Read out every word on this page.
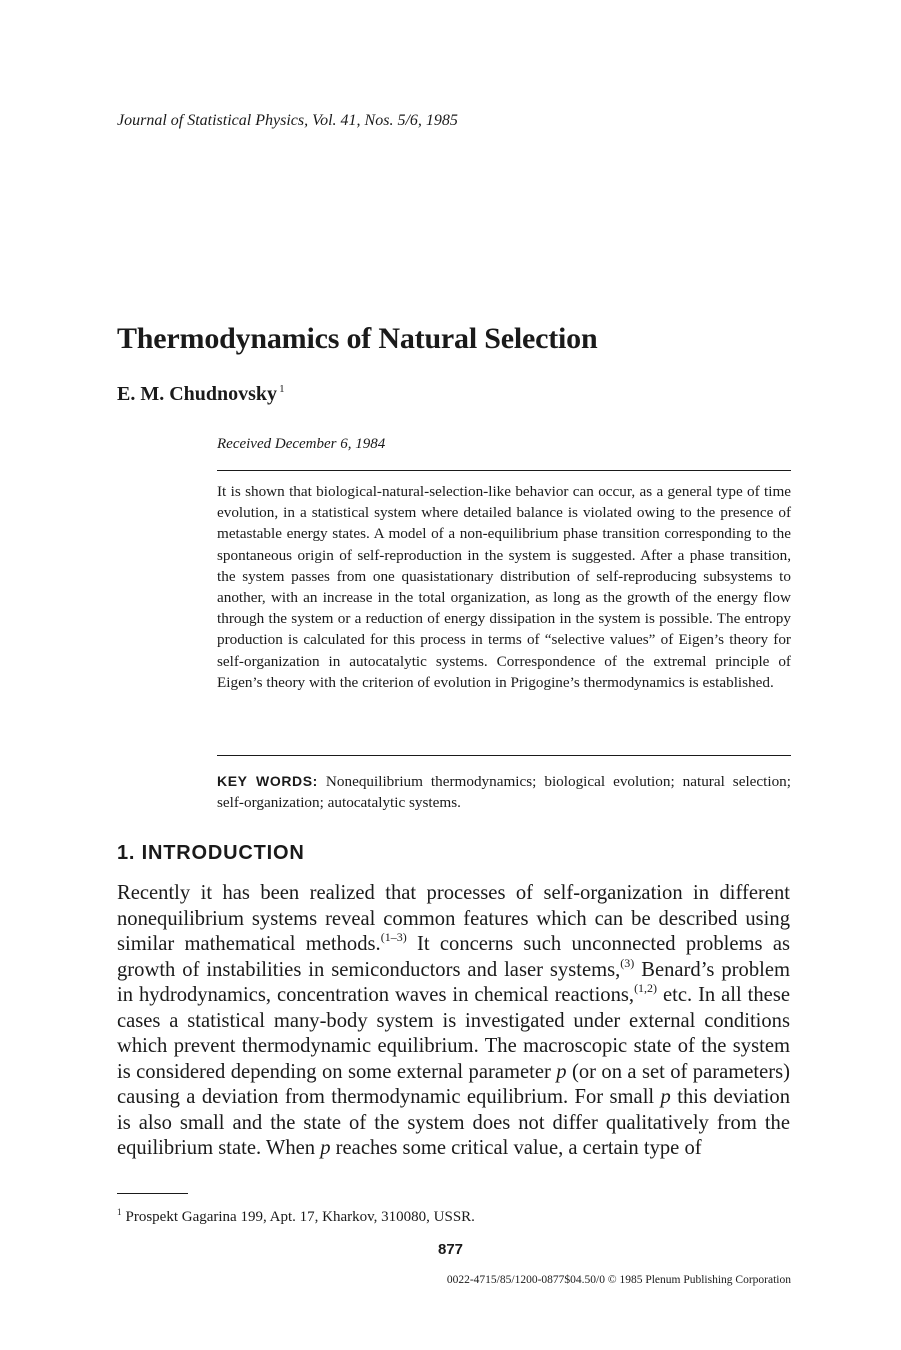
Journal of Statistical Physics, Vol. 41, Nos. 5/6, 1985
Thermodynamics of Natural Selection
E. M. Chudnovsky $^1$
Received December 6, 1984
It is shown that biological-natural-selection-like behavior can occur, as a general type of time evolution, in a statistical system where detailed balance is violated owing to the presence of metastable energy states. A model of a non-equilibrium phase transition corresponding to the spontaneous origin of self-reproduction in the system is suggested. After a phase transition, the system passes from one quasistationary distribution of self-reproducing subsystems to another, with an increase in the total organization, as long as the growth of the energy flow through the system or a reduction of energy dissipation in the system is possible. The entropy production is calculated for this process in terms of “selective values” of Eigen’s theory for self-organization in autocatalytic systems. Correspondence of the extremal principle of Eigen’s theory with the criterion of evolution in Prigogine’s thermodynamics is established.
KEY WORDS: Nonequilibrium thermodynamics; biological evolution; natural selection; self-organization; autocatalytic systems.
1. INTRODUCTION
Recently it has been realized that processes of self-organization in different nonequilibrium systems reveal common features which can be described using similar mathematical methods.$^{(1-3)}$ It concerns such unconnected problems as growth of instabilities in semiconductors and laser systems,$^{(3)}$ Benard’s problem in hydrodynamics, concentration waves in chemical reactions,$^{(1,2)}$ etc. In all these cases a statistical many-body system is investigated under external conditions which prevent thermodynamic equilibrium. The macroscopic state of the system is considered depending on some external parameter p (or on a set of parameters) causing a deviation from thermodynamic equilibrium. For small p this deviation is also small and the state of the system does not differ qualitatively from the equilibrium state. When p reaches some critical value, a certain type of
$^1$ Prospekt Gagarina 199, Apt. 17, Kharkov, 310080, USSR.
877
0022-4715/85/1200-0877$04.50/0 © 1985 Plenum Publishing Corporation
